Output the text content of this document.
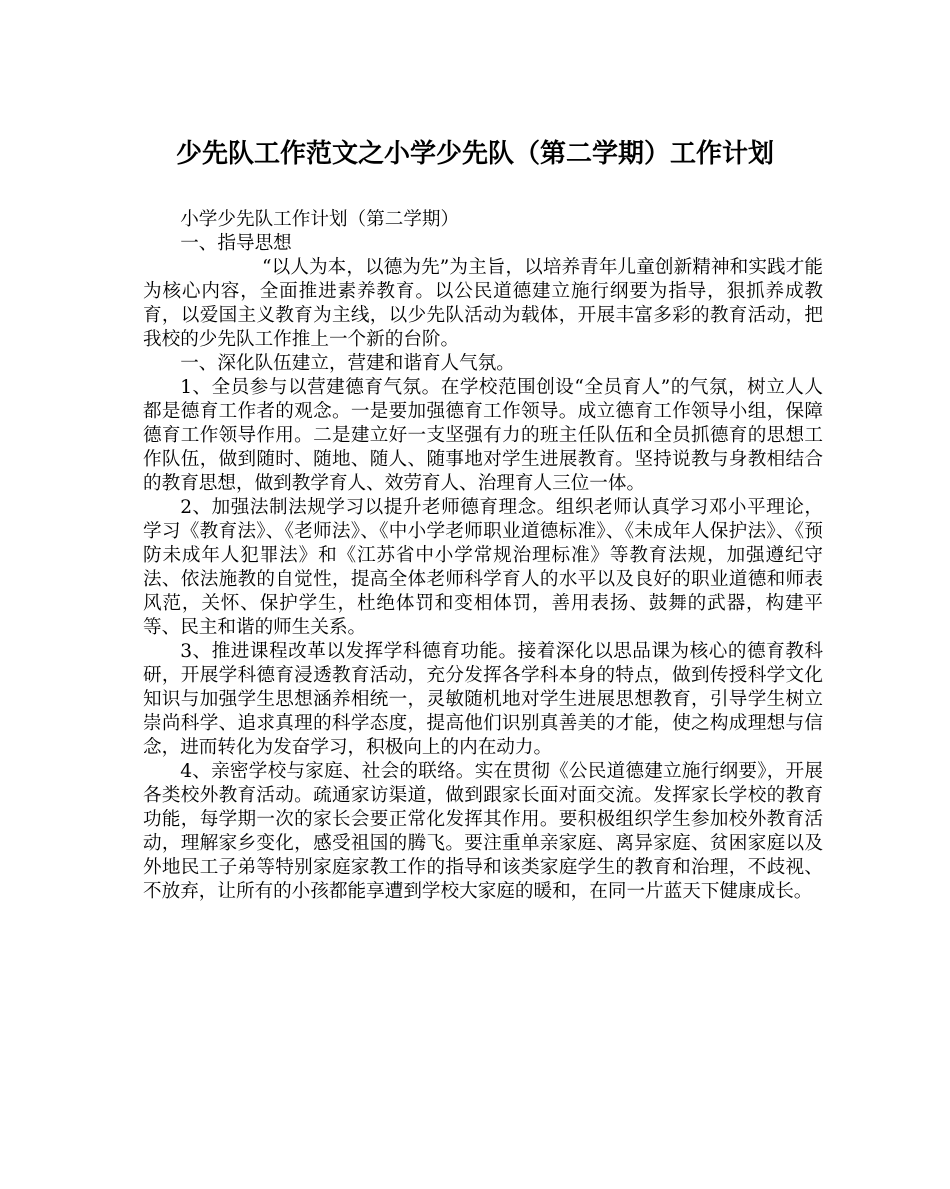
少先队工作范文之小学少先队（第二学期）工作计划

小学少先队工作计划（第二学期）

一、指导思想

“以人为本，以德为先”为主旨，以培养青年儿童创新精神和实践才能为核心内容，全面推进素养教育。以公民道德建立施行纲要为指导，狠抓养成教育，以爱国主义教育为主线，以少先队活动为载体，开展丰富多彩的教育活动，把我校的少先队工作推上一个新的台阶。

一、深化队伍建立，营建和谐育人气氛。

1、全员参与以营建德育气氛。在学校范围创设“全员育人”的气氛，树立人人都是德育工作者的观念。一是要加强德育工作领导。成立德育工作领导小组，保障德育工作领导作用。二是建立好一支坚强有力的班主任队伍和全员抓德育的思想工作队伍，做到随时、随地、随人、随事地对学生进展教育。坚持说教与身教相结合的教育思想，做到教学育人、效劳育人、治理育人三位一体。

2、加强法制法规学习以提升老师德育理念。组织老师认真学习邓小平理论，学习《教育法》、《老师法》、《中小学老师职业道德标准》、《未成年人保护法》、《预防未成年人犯罪法》和《江苏省中小学常规治理标准》等教育法规，加强遵纪守法、依法施教的自觉性，提高全体老师科学育人的水平以及良好的职业道德和师表风范，关怀、保护学生，杜绝体罚和变相体罚，善用表扬、鼓舞的武器，构建平等、民主和谐的师生关系。

3、推进课程改革以发挥学科德育功能。接着深化以思品课为核心的德育教科研，开展学科德育浸透教育活动，充分发挥各学科本身的特点，做到传授科学文化知识与加强学生思想涵养相统一，灵敏随机地对学生进展思想教育，引导学生树立崇尚科学、追求真理的科学态度，提高他们识别真善美的才能，使之构成理想与信念，进而转化为发奋学习，积极向上的内在动力。

4、亲密学校与家庭、社会的联络。实在贯彻《公民道德建立施行纲要》，开展各类校外教育活动。疏通家访渠道，做到跟家长面对面交流。发挥家长学校的教育功能，每学期一次的家长会要正常化发挥其作用。要积极组织学生参加校外教育活动，理解家乡变化，感受祖国的腾飞。要注重单亲家庭、离异家庭、贫困家庭以及外地民工子弟等特别家庭家教工作的指导和该类家庭学生的教育和治理，不歧视、不放弃，让所有的小孩都能享遭到学校大家庭的暖和，在同一片蓝天下健康成长。
